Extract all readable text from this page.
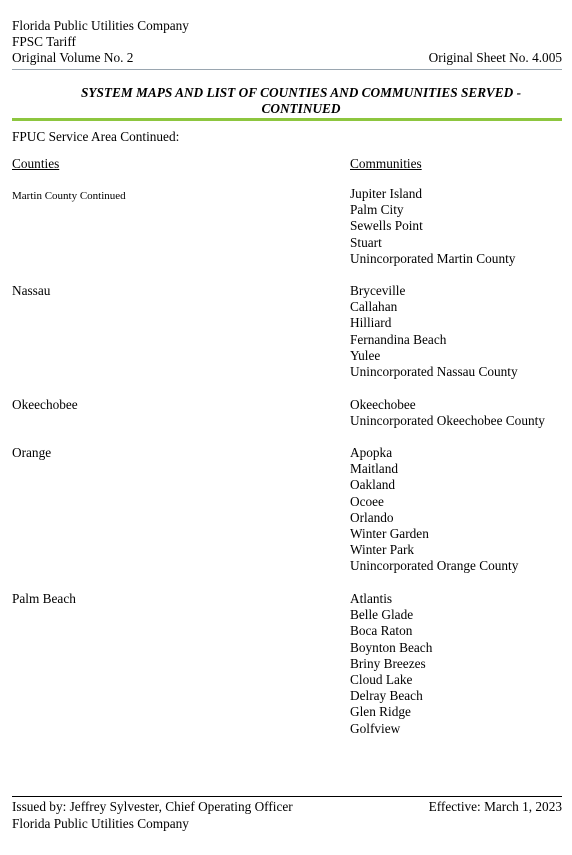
Florida Public Utilities Company
FPSC Tariff
Original Volume No. 2	Original Sheet No. 4.005
SYSTEM MAPS AND LIST OF COUNTIES AND COMMUNITIES SERVED -
CONTINUED
FPUC Service Area Continued:
Counties	Communities
Martin County Continued	Jupiter Island
Palm City
Sewells Point
Stuart
Unincorporated Martin County
Nassau	Bryceville
Callahan
Hilliard
Fernandina Beach
Yulee
Unincorporated Nassau County
Okeechobee	Okeechobee
Unincorporated Okeechobee County
Orange	Apopka
Maitland
Oakland
Ocoee
Orlando
Winter Garden
Winter Park
Unincorporated Orange County
Palm Beach	Atlantis
Belle Glade
Boca Raton
Boynton Beach
Briny Breezes
Cloud Lake
Delray Beach
Glen Ridge
Golfview
Issued by: Jeffrey Sylvester, Chief Operating Officer
Florida Public Utilities Company
Effective: March 1, 2023
